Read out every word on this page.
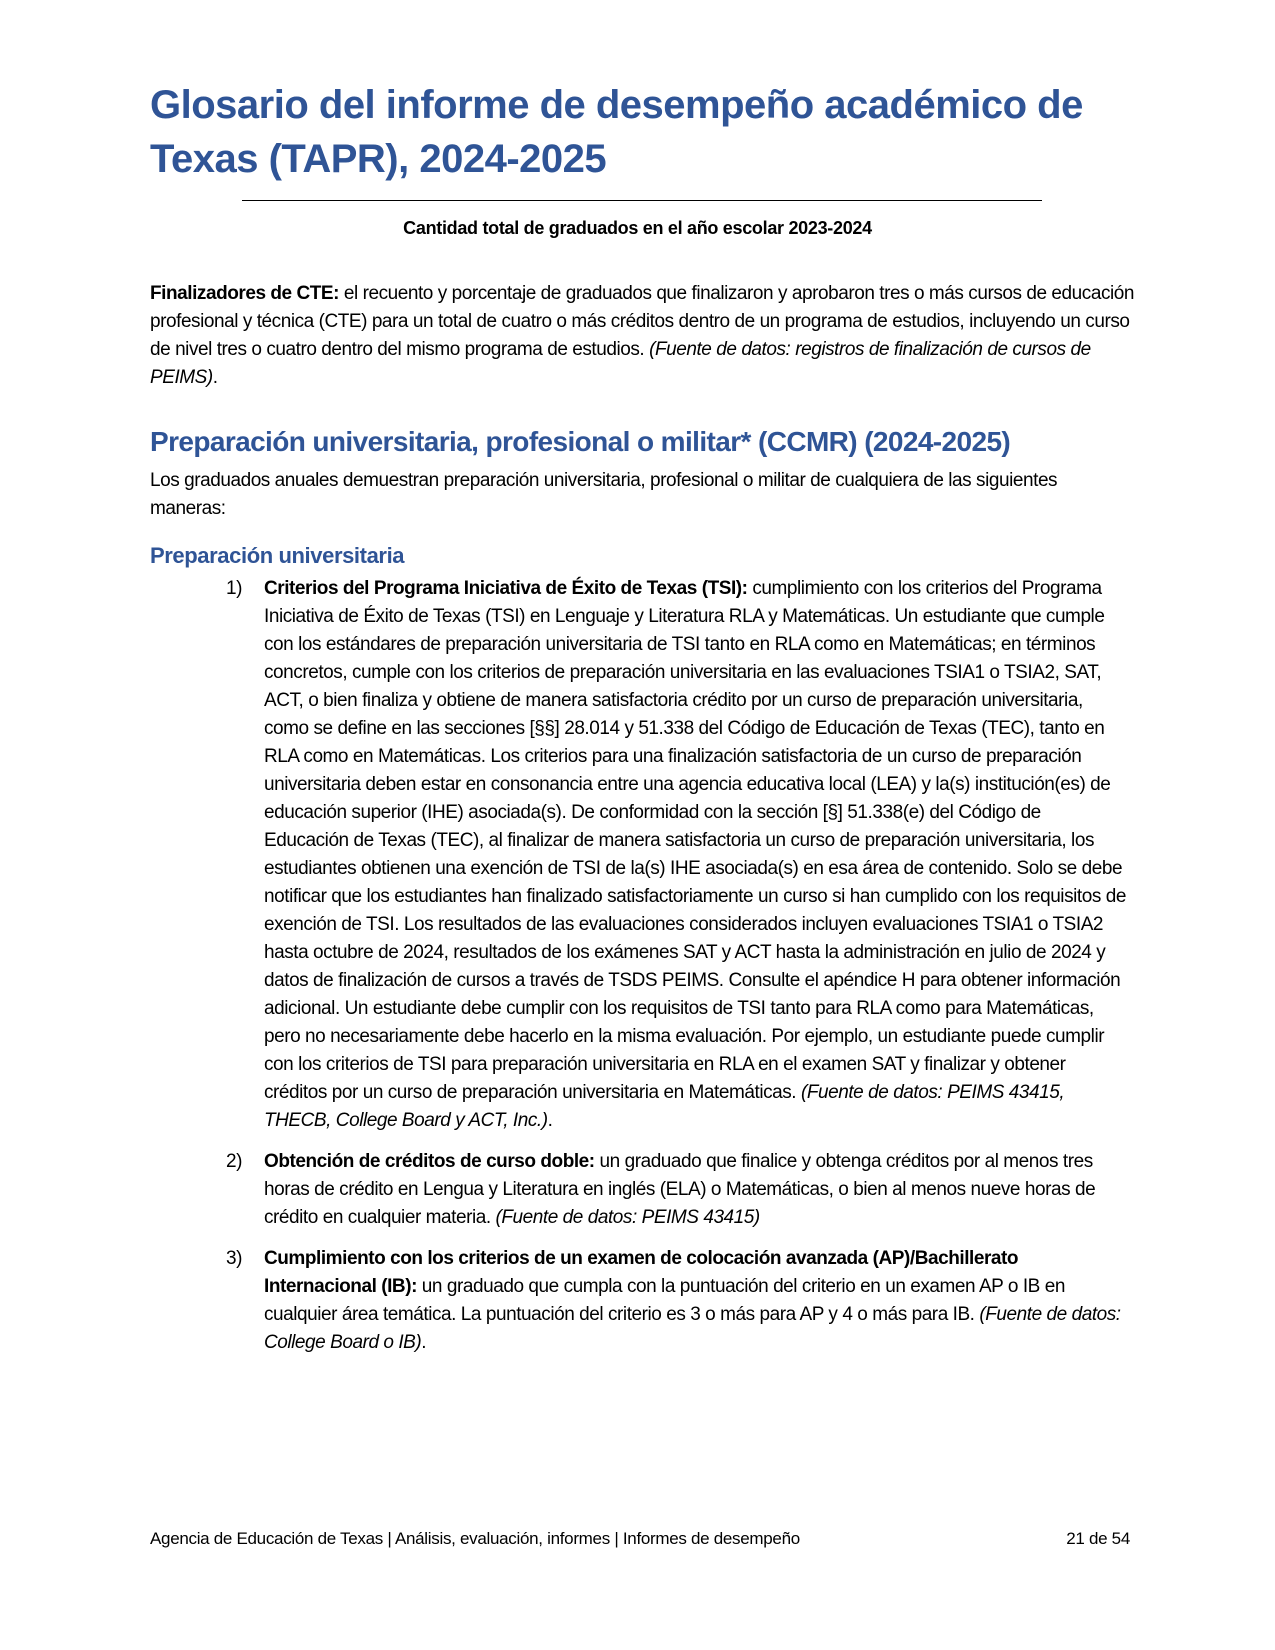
Glosario del informe de desempeño académico de Texas (TAPR), 2024-2025

Cantidad total de graduados en el año escolar 2023-2024

Finalizadores de CTE: el recuento y porcentaje de graduados que finalizaron y aprobaron tres o más cursos de educación profesional y técnica (CTE) para un total de cuatro o más créditos dentro de un programa de estudios, incluyendo un curso de nivel tres o cuatro dentro del mismo programa de estudios. (Fuente de datos: registros de finalización de cursos de PEIMS).

Preparación universitaria, profesional o militar* (CCMR) (2024-2025)

Los graduados anuales demuestran preparación universitaria, profesional o militar de cualquiera de las siguientes maneras:

Preparación universitaria
1) Criterios del Programa Iniciativa de Éxito de Texas (TSI): cumplimiento con los criterios del Programa Iniciativa de Éxito de Texas (TSI) en Lenguaje y Literatura RLA y Matemáticas. Un estudiante que cumple con los estándares de preparación universitaria de TSI tanto en RLA como en Matemáticas; en términos concretos, cumple con los criterios de preparación universitaria en las evaluaciones TSIA1 o TSIA2, SAT, ACT, o bien finaliza y obtiene de manera satisfactoria crédito por un curso de preparación universitaria, como se define en las secciones [§§] 28.014 y 51.338 del Código de Educación de Texas (TEC), tanto en RLA como en Matemáticas. Los criterios para una finalización satisfactoria de un curso de preparación universitaria deben estar en consonancia entre una agencia educativa local (LEA) y la(s) institución(es) de educación superior (IHE) asociada(s). De conformidad con la sección [§] 51.338(e) del Código de Educación de Texas (TEC), al finalizar de manera satisfactoria un curso de preparación universitaria, los estudiantes obtienen una exención de TSI de la(s) IHE asociada(s) en esa área de contenido. Solo se debe notificar que los estudiantes han finalizado satisfactoriamente un curso si han cumplido con los requisitos de exención de TSI. Los resultados de las evaluaciones considerados incluyen evaluaciones TSIA1 o TSIA2 hasta octubre de 2024, resultados de los exámenes SAT y ACT hasta la administración en julio de 2024 y datos de finalización de cursos a través de TSDS PEIMS. Consulte el apéndice H para obtener información adicional. Un estudiante debe cumplir con los requisitos de TSI tanto para RLA como para Matemáticas, pero no necesariamente debe hacerlo en la misma evaluación. Por ejemplo, un estudiante puede cumplir con los criterios de TSI para preparación universitaria en RLA en el examen SAT y finalizar y obtener créditos por un curso de preparación universitaria en Matemáticas. (Fuente de datos: PEIMS 43415, THECB, College Board y ACT, Inc.).
2) Obtención de créditos de curso doble: un graduado que finalice y obtenga créditos por al menos tres horas de crédito en Lengua y Literatura en inglés (ELA) o Matemáticas, o bien al menos nueve horas de crédito en cualquier materia. (Fuente de datos: PEIMS 43415)
3) Cumplimiento con los criterios de un examen de colocación avanzada (AP)/Bachillerato Internacional (IB): un graduado que cumpla con la puntuación del criterio en un examen AP o IB en cualquier área temática. La puntuación del criterio es 3 o más para AP y 4 o más para IB. (Fuente de datos: College Board o IB).
Agencia de Educación de Texas | Análisis, evaluación, informes | Informes de desempeño	21 de 54
